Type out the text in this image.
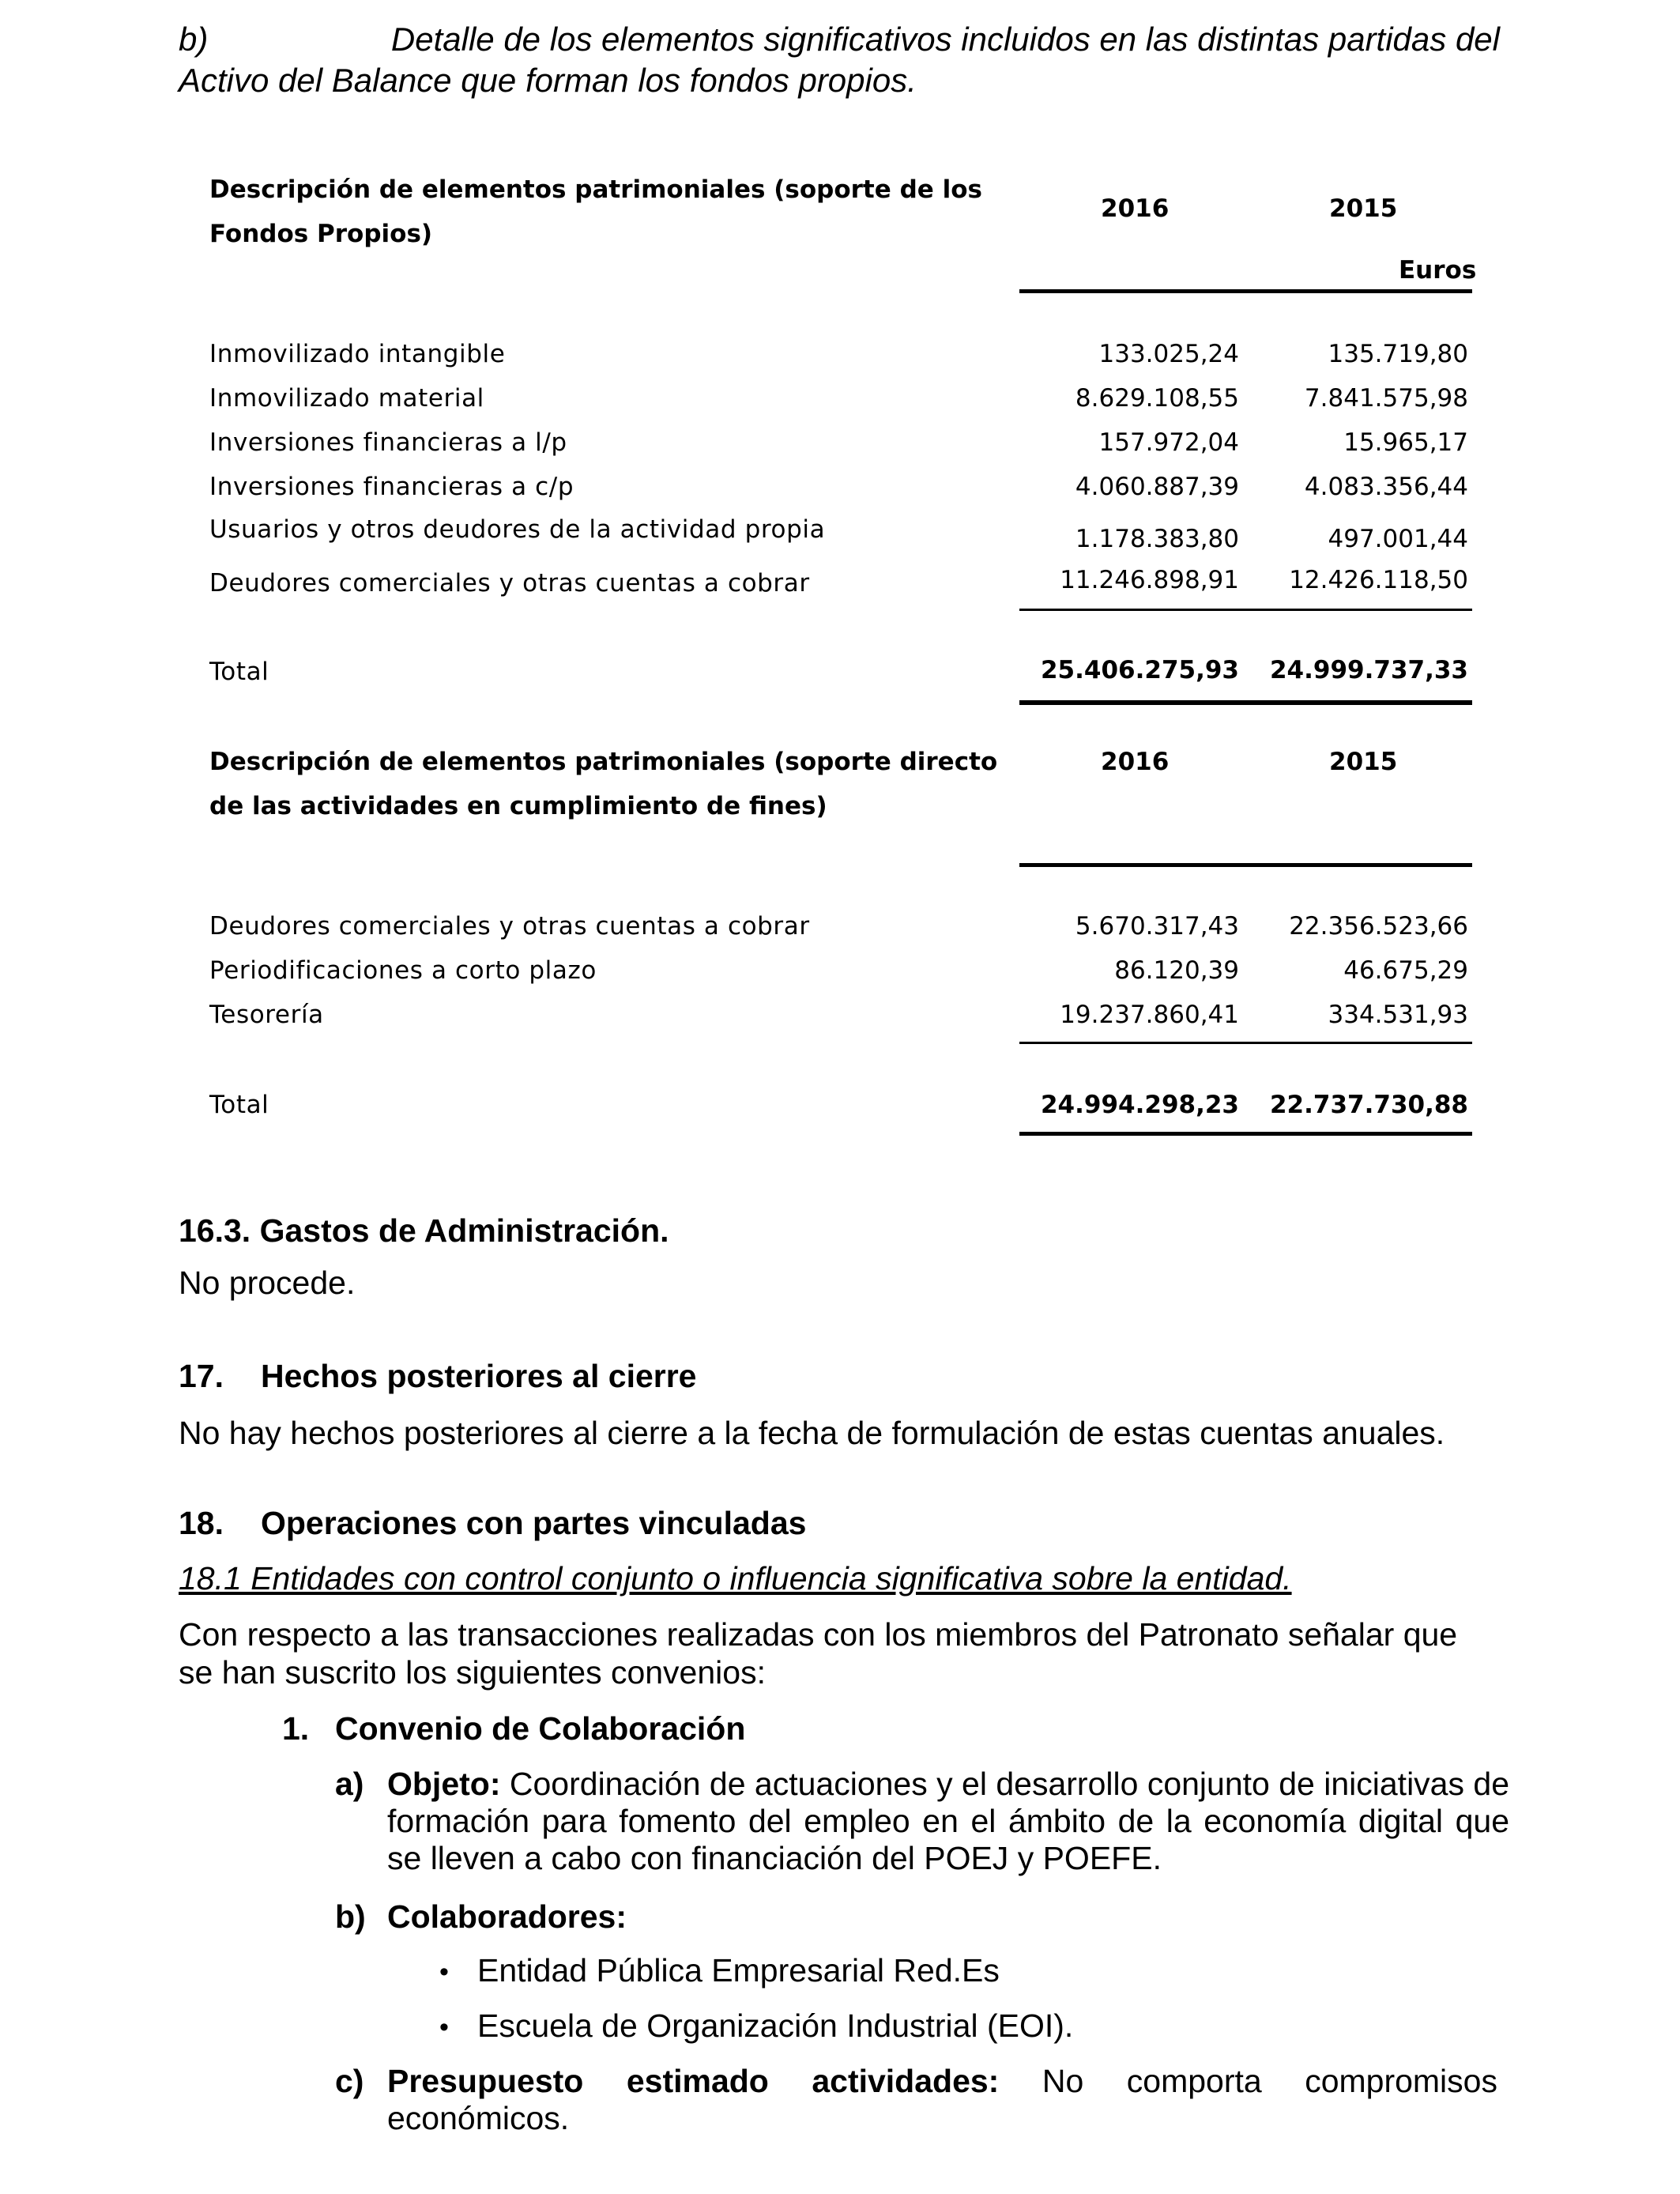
b)	Detalle de los elementos significativos incluidos en las distintas partidas del
Activo del Balance que forman los fondos propios.
Descripción de elementos patrimoniales (soporte de los
Fondos Propios)
2016	2015
Euros
Inmovilizado intangible	133.025,24	135.719,80
Inmovilizado material	8.629.108,55	7.841.575,98
Inversiones financieras a l/p	157.972,04	15.965,17
Inversiones financieras a c/p	4.060.887,39	4.083.356,44
Usuarios y otros deudores de la actividad propia	1.178.383,80	497.001,44
Deudores comerciales y otras cuentas a cobrar	11.246.898,91	12.426.118,50
Total	25.406.275,93	24.999.737,33
Descripción de elementos patrimoniales (soporte directo
de las actividades en cumplimiento de fines)
2016	2015
Deudores comerciales y otras cuentas a cobrar	5.670.317,43	22.356.523,66
Periodificaciones a corto plazo	86.120,39	46.675,29
Tesorería	19.237.860,41	334.531,93
Total	24.994.298,23	22.737.730,88
16.3. Gastos de Administración.
No procede.
17. Hechos posteriores al cierre
No hay hechos posteriores al cierre a la fecha de formulación de estas cuentas anuales.
18. Operaciones con partes vinculadas
18.1 Entidades con control conjunto o influencia significativa sobre la entidad.
Con respecto a las transacciones realizadas con los miembros del Patronato señalar que se han suscrito los siguientes convenios:
1. Convenio de Colaboración
a) Objeto: Coordinación de actuaciones y el desarrollo conjunto de iniciativas de formación para fomento del empleo en el ámbito de la economía digital que se lleven a cabo con financiación del POEJ y POEFE.
b) Colaboradores:
• Entidad Pública Empresarial Red.Es
• Escuela de Organización Industrial (EOI).
c) Presupuesto estimado actividades: No comporta compromisos
económicos.
